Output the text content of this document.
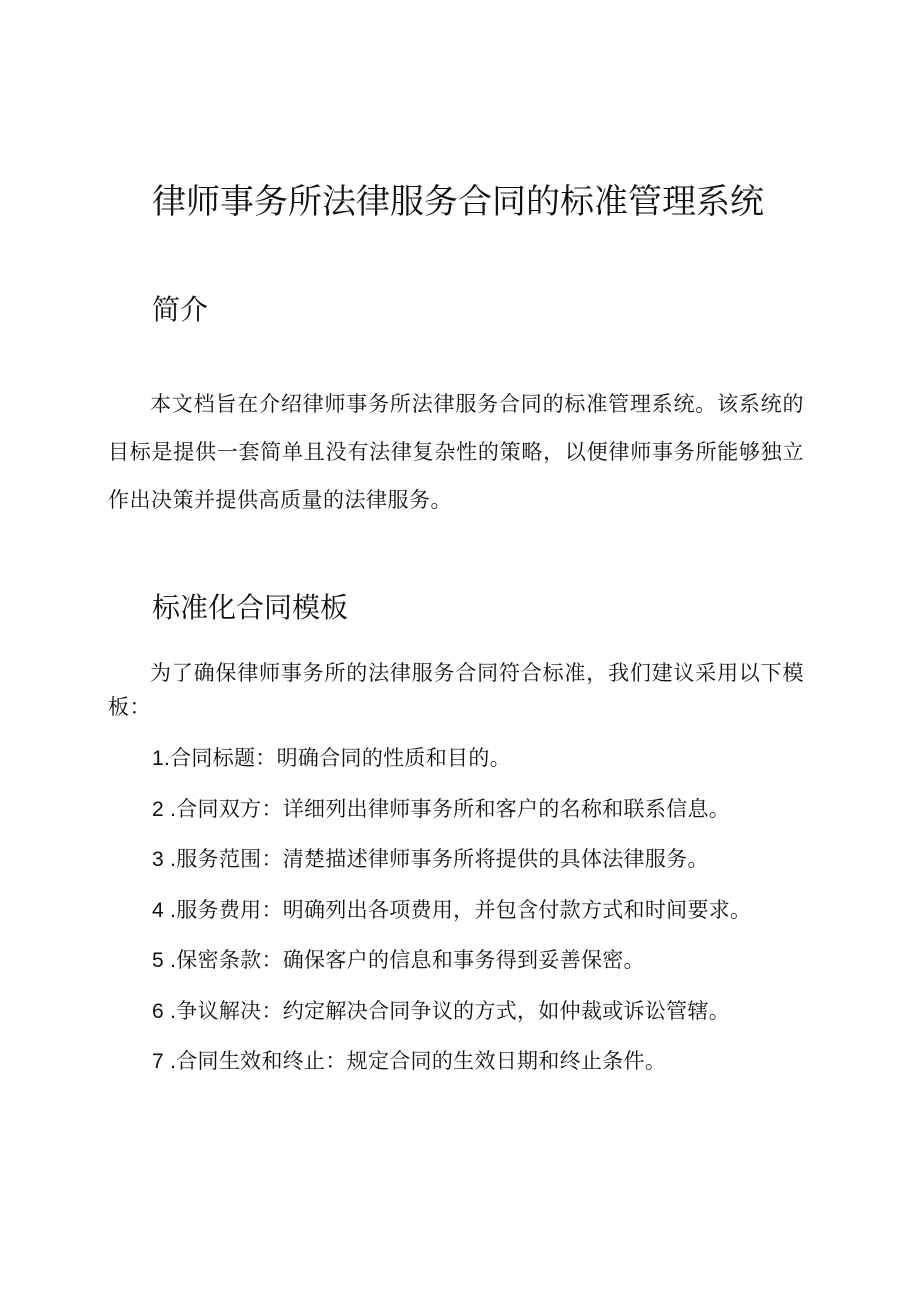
律师事务所法律服务合同的标准管理系统
简介

本文档旨在介绍律师事务所法律服务合同的标准管理系统。该系统的目标是提供一套简单且没有法律复杂性的策略，以便律师事务所能够独立作出决策并提供高质量的法律服务。

标准化合同模板

为了确保律师事务所的法律服务合同符合标准，我们建议采用以下模板：

1.合同标题：明确合同的性质和目的。
2 .合同双方：详细列出律师事务所和客户的名称和联系信息。
3 .服务范围：清楚描述律师事务所将提供的具体法律服务。
4 .服务费用：明确列出各项费用，并包含付款方式和时间要求。
5 .保密条款：确保客户的信息和事务得到妥善保密。
6 .争议解决：约定解决合同争议的方式，如仲裁或诉讼管辖。
7 .合同生效和终止：规定合同的生效日期和终止条件。
